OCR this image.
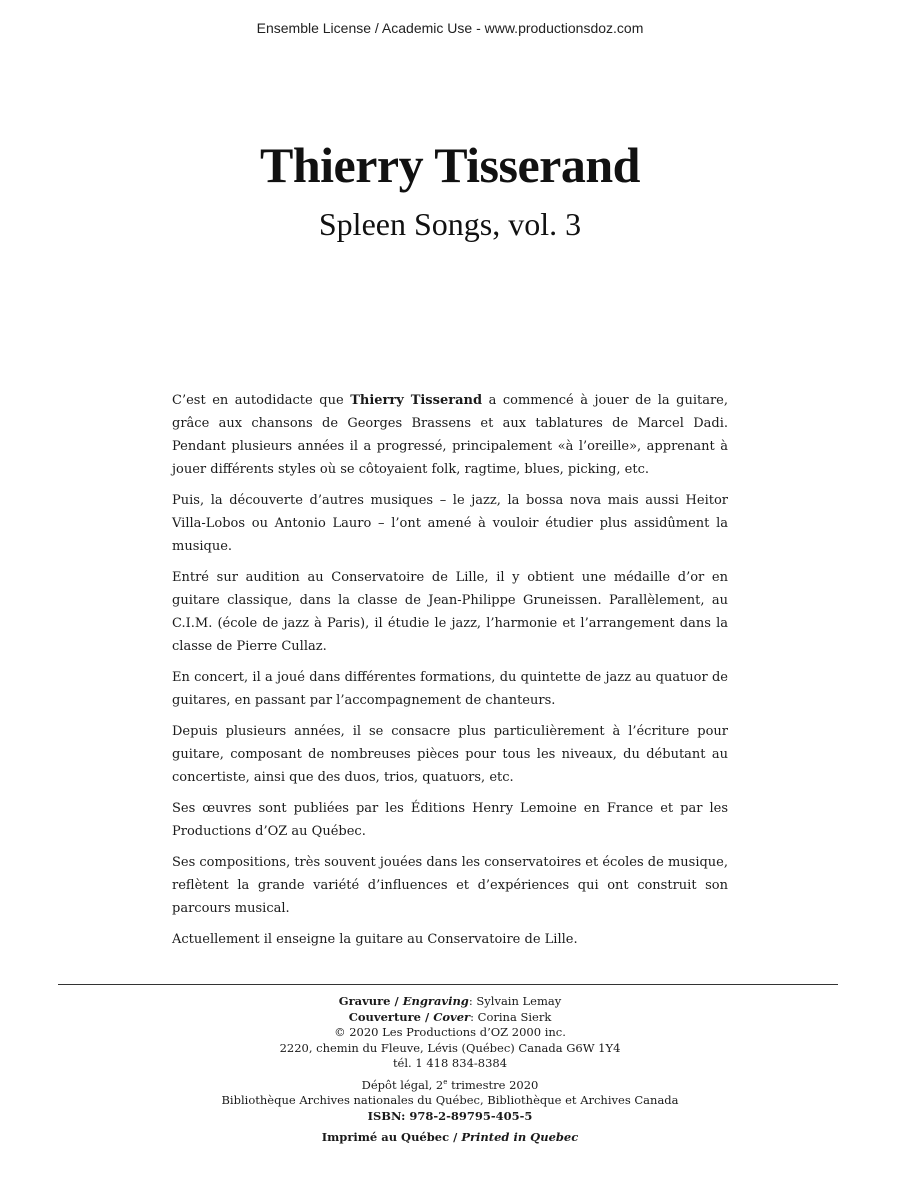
Ensemble License / Academic Use - www.productionsdoz.com
Thierry Tisserand
Spleen Songs, vol. 3

C’est en autodidacte que Thierry Tisserand a commencé à jouer de la guitare, grâce aux chansons de Georges Brassens et aux tablatures de Marcel Dadi. Pendant plusieurs années il a progressé, principalement «à l’oreille», apprenant à jouer différents styles où se côtoyaient folk, ragtime, blues, picking, etc.

Puis, la découverte d’autres musiques – le jazz, la bossa nova mais aussi Heitor Villa-Lobos ou Antonio Lauro – l’ont amené à vouloir étudier plus assidûment la musique.

Entré sur audition au Conservatoire de Lille, il y obtient une médaille d’or en guitare classique, dans la classe de Jean-Philippe Gruneissen. Parallèlement, au C.I.M. (école de jazz à Paris), il étudie le jazz, l’harmonie et l’arrangement dans la classe de Pierre Cullaz.

En concert, il a joué dans différentes formations, du quintette de jazz au quatuor de guitares, en passant par l’accompagnement de chanteurs.

Depuis plusieurs années, il se consacre plus particulièrement à l’écriture pour guitare, composant de nombreuses pièces pour tous les niveaux, du débutant au concertiste, ainsi que des duos, trios, quatuors, etc.

Ses œuvres sont publiées par les Éditions Henry Lemoine en France et par les Productions d’OZ au Québec.

Ses compositions, très souvent jouées dans les conservatoires et écoles de musique, reflètent la grande variété d’influences et d’expériences qui ont construit son parcours musical.

Actuellement il enseigne la guitare au Conservatoire de Lille.

Gravure / Engraving: Sylvain Lemay
Couverture / Cover: Corina Sierk
© 2020 Les Productions d’OZ 2000 inc.
2220, chemin du Fleuve, Lévis (Québec) Canada G6W 1Y4
tél. 1 418 834-8384
Dépôt légal, 2e trimestre 2020
Bibliothèque Archives nationales du Québec, Bibliothèque et Archives Canada
ISBN: 978-2-89795-405-5
Imprimé au Québec / Printed in Quebec
